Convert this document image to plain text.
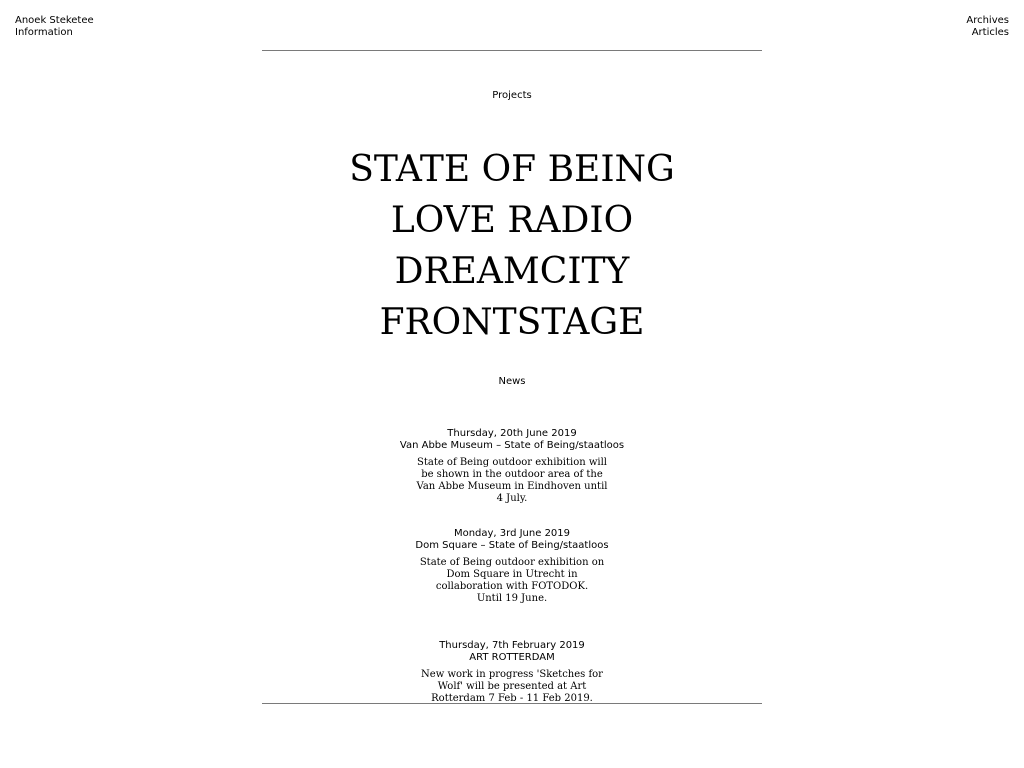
Anoek Steketee
Information
Archives
Articles
Projects
STATE OF BEING
LOVE RADIO
DREAMCITY
FRONTSTAGE
News
Thursday, 20th June 2019
Van Abbe Museum – State of Being/staatloos
State of Being outdoor exhibition will be shown in the outdoor area of the Van Abbe Museum in Eindhoven until 4 July.
Monday, 3rd June 2019
Dom Square – State of Being/staatloos
State of Being outdoor exhibition on Dom Square in Utrecht in collaboration with FOTODOK.
Until 19 June.
Thursday, 7th February 2019
ART ROTTERDAM
New work in progress 'Sketches for Wolf' will be presented at Art Rotterdam 7 Feb - 11 Feb 2019.
